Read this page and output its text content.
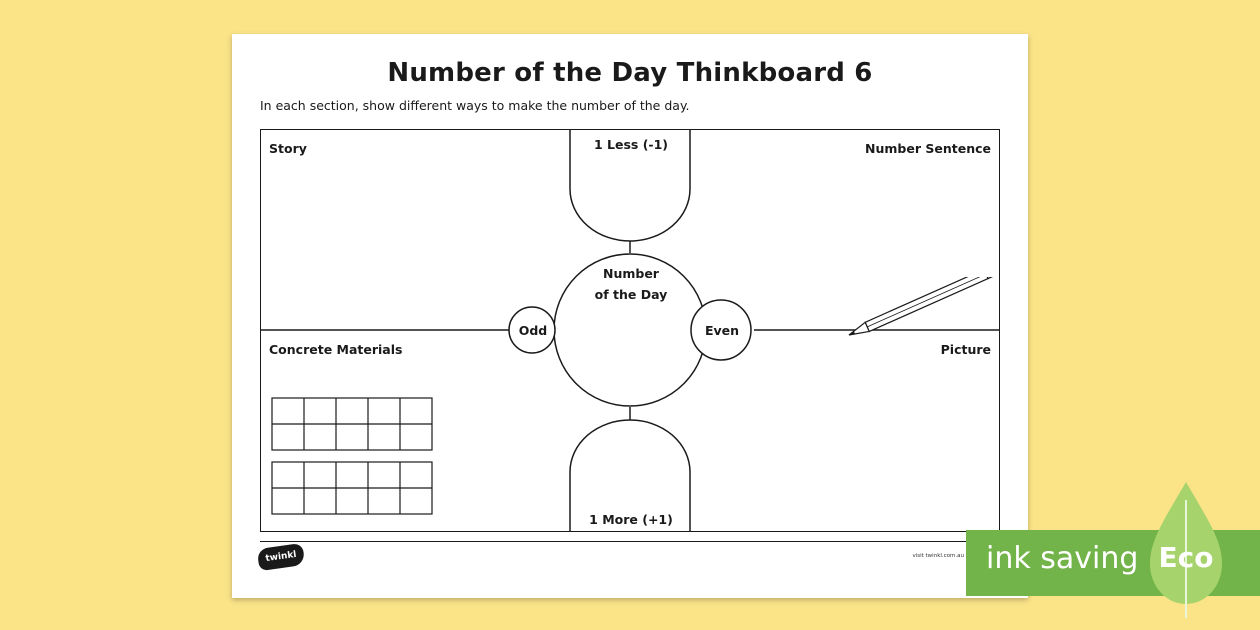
Number of the Day Thinkboard 6
In each section, show different ways to make the number of the day.
Story	Number Sentence
Concrete Materials	Picture
1 Less (-1)
1 More (+1)
Number
of the Day
Odd	Even
twinkl	visit twinkl.com.au ink saving Eco
